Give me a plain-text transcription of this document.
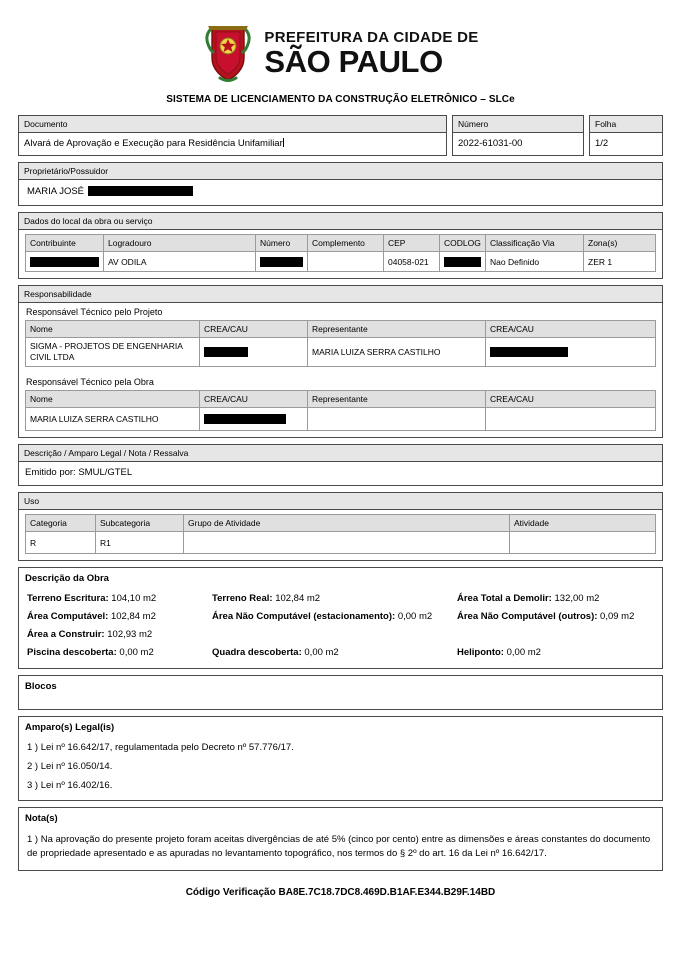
PREFEITURA DA CIDADE DE
SÃO PAULO
SISTEMA DE LICENCIAMENTO DA CONSTRUÇÃO ELETRÔNICO – SLCe
Documento
Alvará de Aprovação e Execução para Residência Unifamiliar
Número
2022-61031-00
Folha
1/2
Proprietário/Possuidor
MARIA JOSÉ
Dados do local da obra ou serviço
Contribuinte	Logradouro	Número	Complemento	CEP	CODLOG	Classificação Via	Zona(s)

	AV ODILA			04058-021		Nao Definido	ZER 1
Responsabilidade
Responsável Técnico pelo Projeto
Nome	CREA/CAU	Representante	CREA/CAU
SIGMA - PROJETOS DE ENGENHARIA CIVIL LTDA		MARIA LUIZA SERRA CASTILHO	
Responsável Técnico pela Obra
Nome	CREA/CAU	Representante	CREA/CAU
MARIA LUIZA SERRA CASTILHO	

Descrição / Amparo Legal / Nota / Ressalva
Emitido por: SMUL/GTEL
Uso
Categoria	Subcategoria	Grupo de Atividade	Atividade
R	R1		
Descrição da Obra
Terreno Escritura: 104,10 m2	Terreno Real: 102,84 m2	Área Total a Demolir: 132,00 m2
Área Computável: 102,84 m2	Área Não Computável (estacionamento): 0,00 m2	Área Não Computável (outros): 0,09 m2
Área a Construir: 102,93 m2
Piscina descoberta: 0,00 m2	Quadra descoberta: 0,00 m2	Heliponto: 0,00 m2
Blocos
Amparo(s) Legal(is)
1 ) Lei nº 16.642/17, regulamentada pelo Decreto nº 57.776/17.
2 ) Lei nº 16.050/14.
3 ) Lei nº 16.402/16.
Nota(s)
1 ) Na aprovação do presente projeto foram aceitas divergências de até 5% (cinco por cento) entre as dimensões e áreas constantes do documento de propriedade apresentado e as apuradas no levantamento topográfico, nos termos do § 2º do art. 16 da Lei nº 16.642/17.
Código Verificação BA8E.7C18.7DC8.469D.B1AF.E344.B29F.14BD
